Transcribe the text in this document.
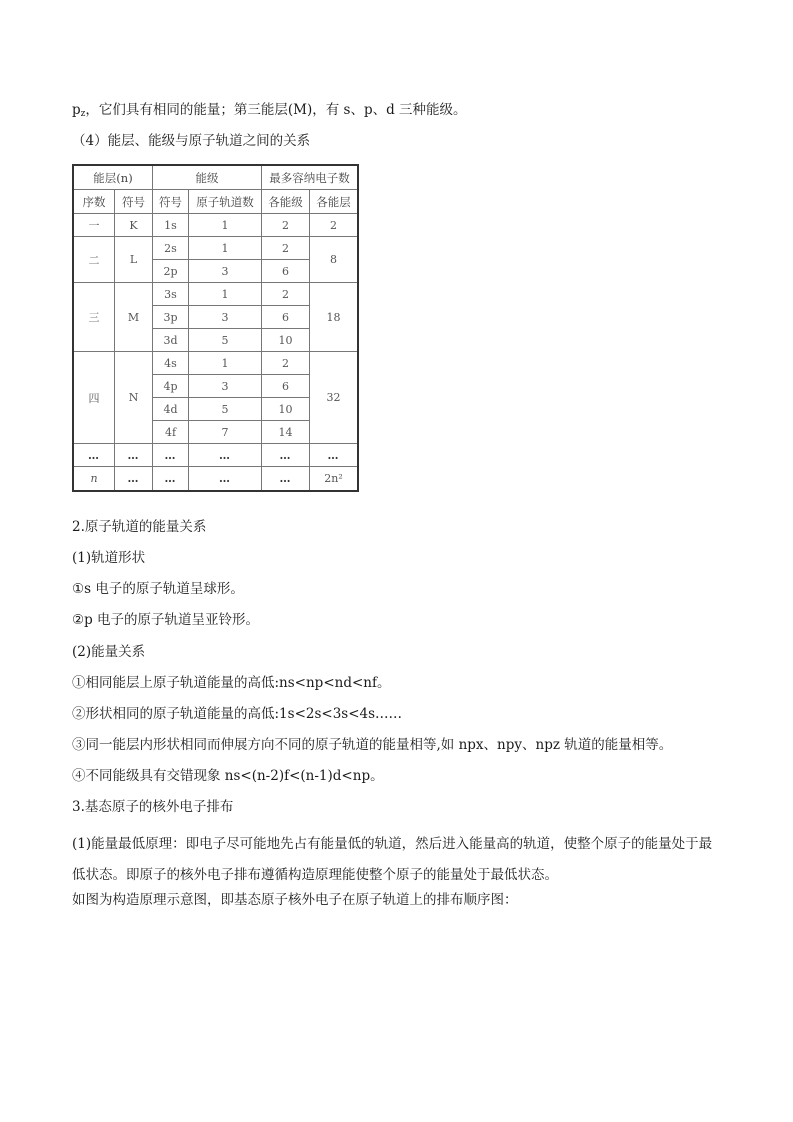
$p_z$，它们具有相同的能量；第三能层(M)，有 s、p、d 三种能级。
（4）能层、能级与原子轨道之间的关系
能层(n)		能级		最多容纳电子数	
序数	符号	符号	原子轨道数	各能级	各能层
一	K	1s	1	2	2
二	L	2s	1	2	8
		2p	3	6	
三	M	3s	1	2	18
		3p	3	6	
		3d	5	10	
四	N	4s	1	2	32
		4p	3	6	
		4d	5	10	
		4f	7	14	
…	…	…	…	…	…
n	…	…	…	…	2n²
2.原子轨道的能量关系
(1)轨道形状
①s 电子的原子轨道呈球形。
②p 电子的原子轨道呈亚铃形。
(2)能量关系
①相同能层上原子轨道能量的高低:ns<np<nd<nf。
②形状相同的原子轨道能量的高低:1s<2s<3s<4s……
③同一能层内形状相同而伸展方向不同的原子轨道的能量相等,如 npx、npy、npz 轨道的能量相等。
④不同能级具有交错现象 ns<(n-2)f<(n-1)d<np。
3.基态原子的核外电子排布
(1)能量最低原理：即电子尽可能地先占有能量低的轨道，然后进入能量高的轨道，使整个原子的能量处于最低状态。即原子的核外电子排布遵循构造原理能使整个原子的能量处于最低状态。
如图为构造原理示意图，即基态原子核外电子在原子轨道上的排布顺序图：
